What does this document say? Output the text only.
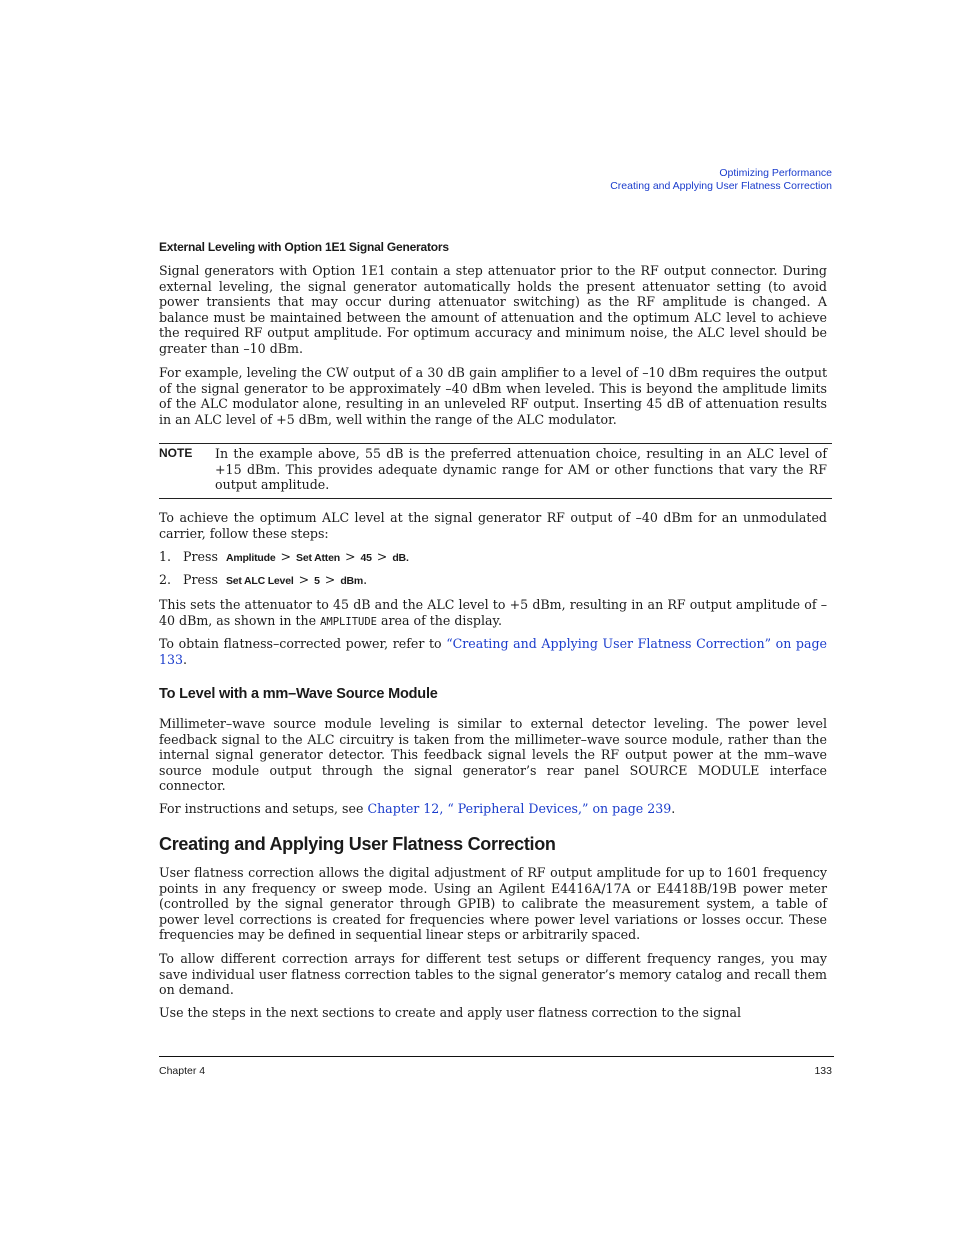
Optimizing Performance
Creating and Applying User Flatness Correction
External Leveling with Option 1E1 Signal Generators
Signal generators with Option 1E1 contain a step attenuator prior to the RF output connector. During external leveling, the signal generator automatically holds the present attenuator setting (to avoid power transients that may occur during attenuator switching) as the RF amplitude is changed. A balance must be maintained between the amount of attenuation and the optimum ALC level to achieve the required RF output amplitude. For optimum accuracy and minimum noise, the ALC level should be greater than –10 dBm.
For example, leveling the CW output of a 30 dB gain amplifier to a level of –10 dBm requires the output of the signal generator to be approximately –40 dBm when leveled. This is beyond the amplitude limits of the ALC modulator alone, resulting in an unleveled RF output. Inserting 45 dB of attenuation results in an ALC level of +5 dBm, well within the range of the ALC modulator.
NOTE In the example above, 55 dB is the preferred attenuation choice, resulting in an ALC level of +15 dBm. This provides adequate dynamic range for AM or other functions that vary the RF output amplitude.
To achieve the optimum ALC level at the signal generator RF output of –40 dBm for an unmodulated carrier, follow these steps:
1. Press Amplitude > Set Atten > 45 > dB.
2. Press Set ALC Level > 5 > dBm.
This sets the attenuator to 45 dB and the ALC level to +5 dBm, resulting in an RF output amplitude of –40 dBm, as shown in the AMPLITUDE area of the display.
To obtain flatness–corrected power, refer to “Creating and Applying User Flatness Correction” on page 133.
To Level with a mm–Wave Source Module
Millimeter–wave source module leveling is similar to external detector leveling. The power level feedback signal to the ALC circuitry is taken from the millimeter–wave source module, rather than the internal signal generator detector. This feedback signal levels the RF output power at the mm–wave source module output through the signal generator’s rear panel SOURCE MODULE interface connector.
For instructions and setups, see Chapter 12, “ Peripheral Devices,” on page 239.
Creating and Applying User Flatness Correction
User flatness correction allows the digital adjustment of RF output amplitude for up to 1601 frequency points in any frequency or sweep mode. Using an Agilent E4416A/17A or E4418B/19B power meter (controlled by the signal generator through GPIB) to calibrate the measurement system, a table of power level corrections is created for frequencies where power level variations or losses occur. These frequencies may be defined in sequential linear steps or arbitrarily spaced.
To allow different correction arrays for different test setups or different frequency ranges, you may save individual user flatness correction tables to the signal generator’s memory catalog and recall them on demand.
Use the steps in the next sections to create and apply user flatness correction to the signal
Chapter 4	133
